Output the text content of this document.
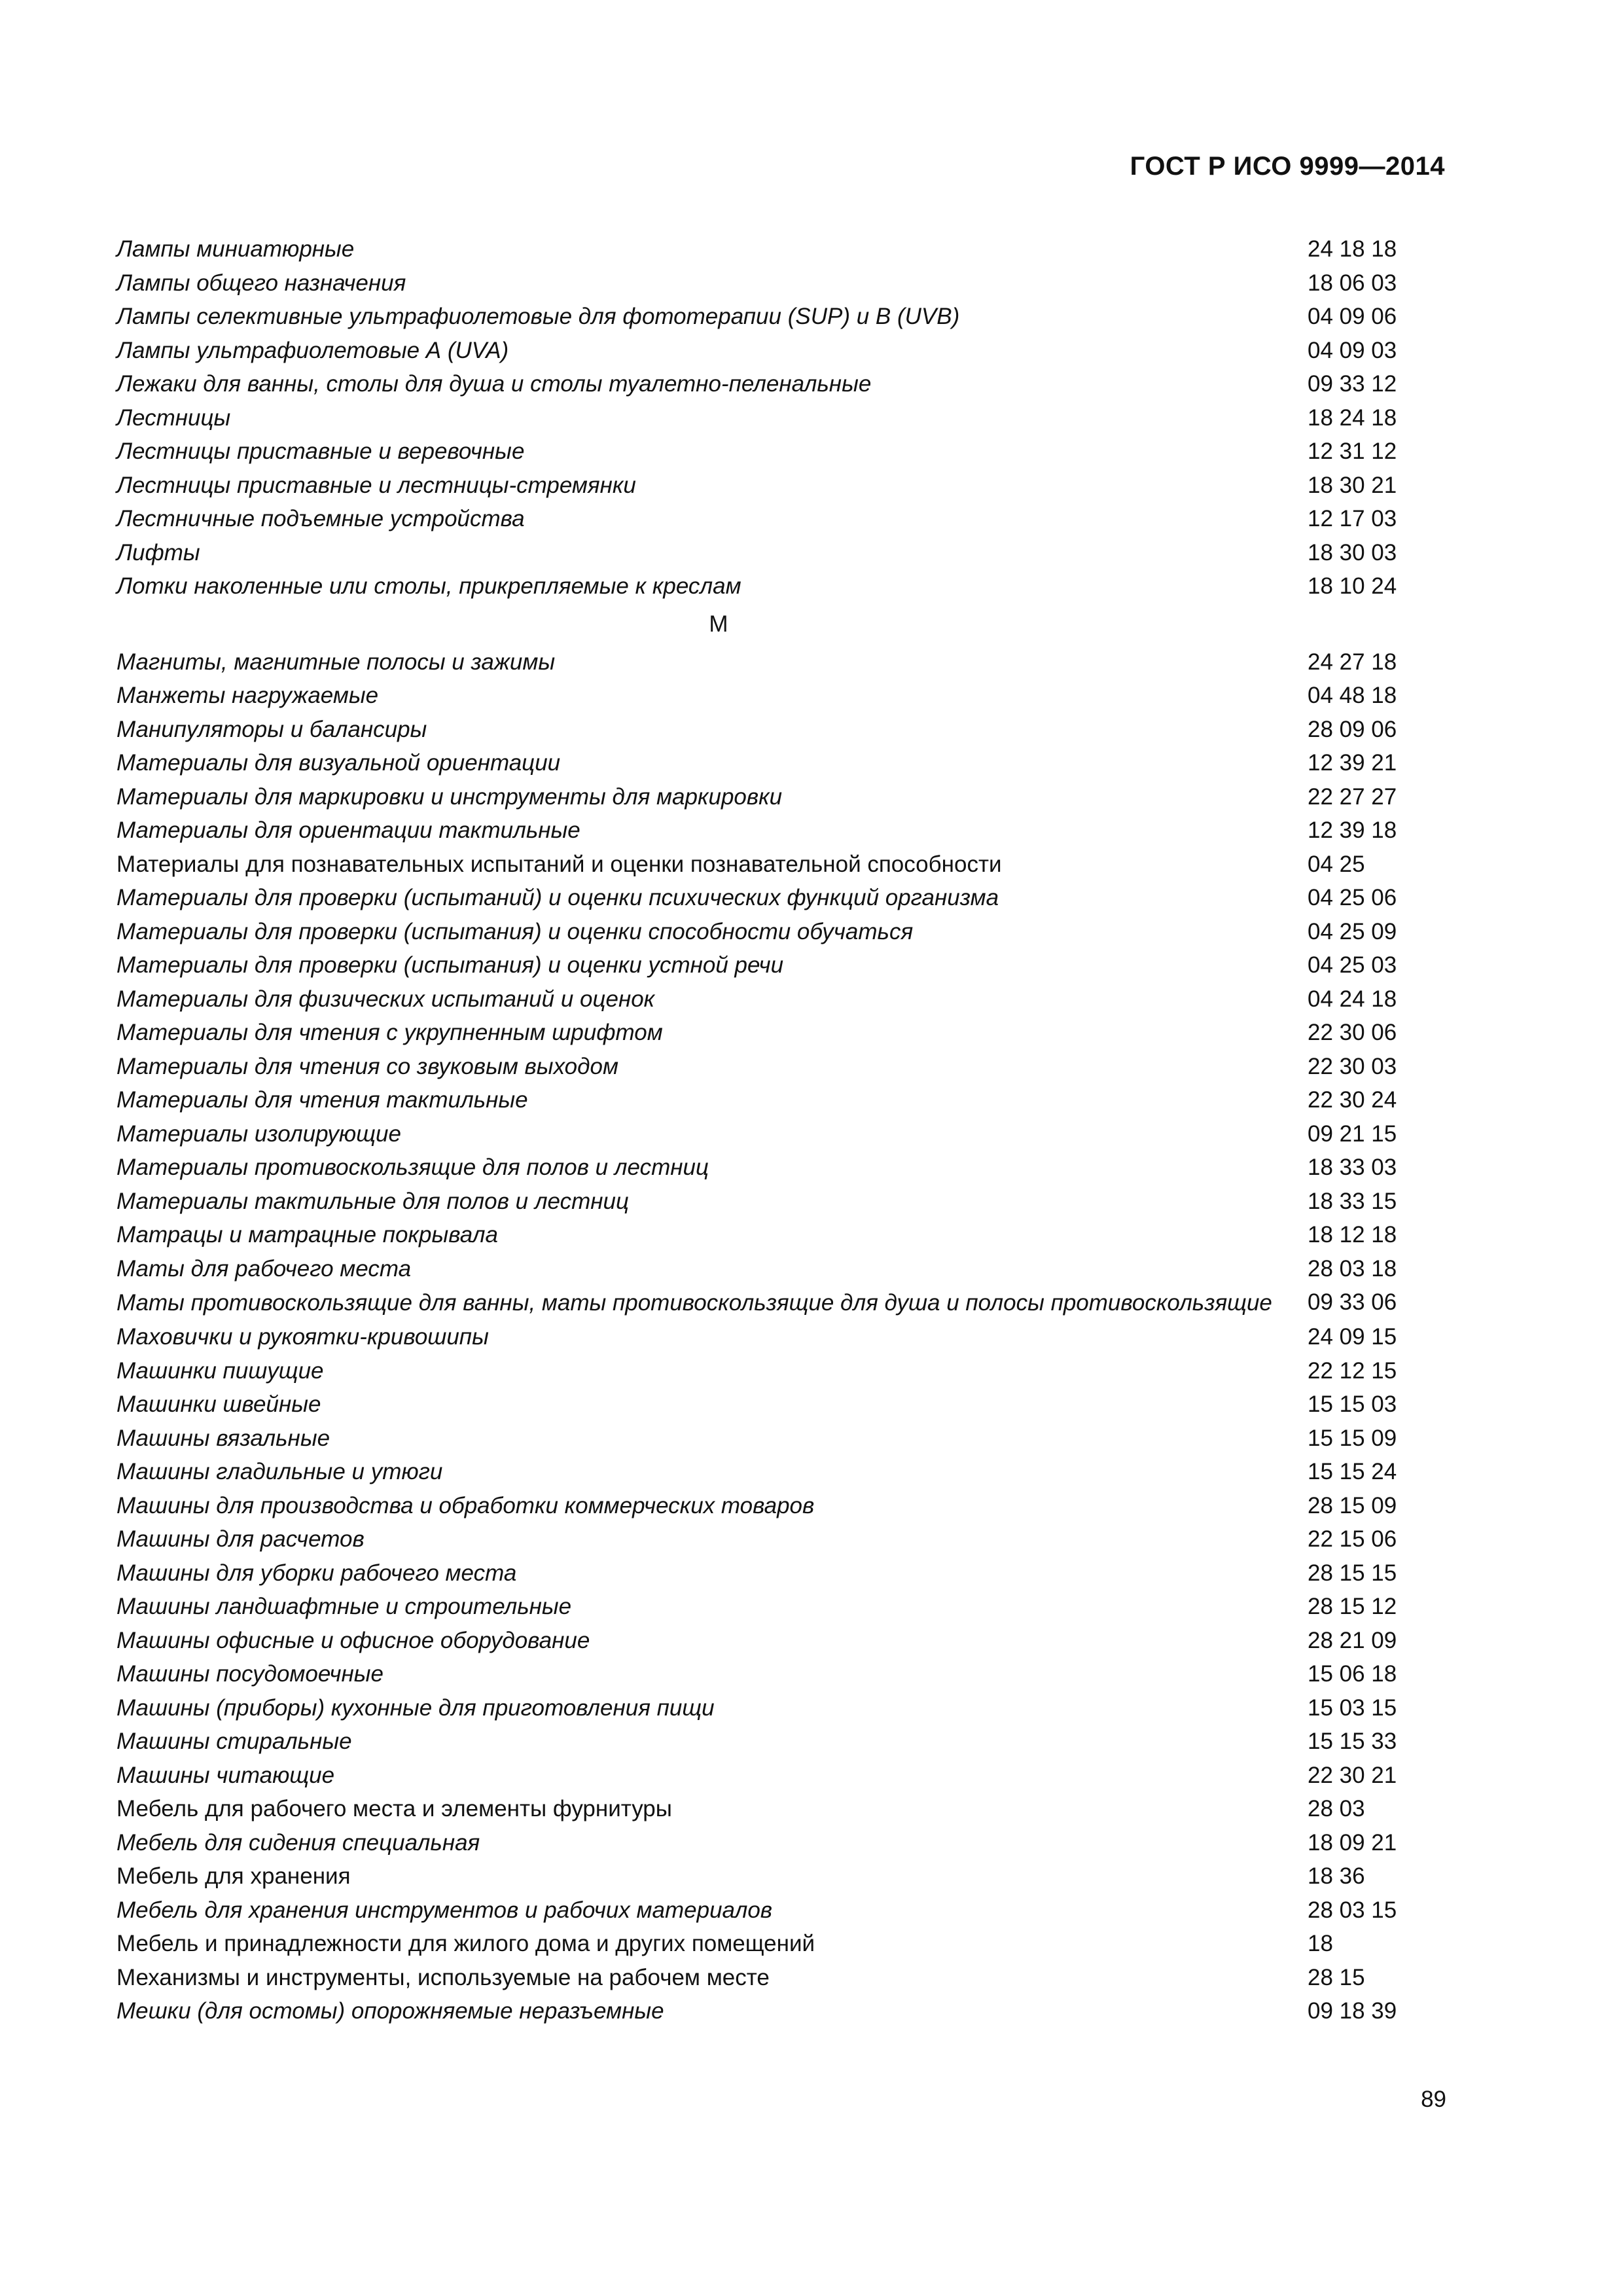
ГОСТ Р ИСО 9999—2014
Лампы миниатюрные	24 18 18
Лампы общего назначения	18 06 03
Лампы селективные ультрафиолетовые для фототерапии (SUP) и В (UVB)	04 09 06
Лампы ультрафиолетовые А (UVA)	04 09 03
Лежаки для ванны, столы для душа и столы туалетно-пеленальные	09 33 12
Лестницы	18 24 18
Лестницы приставные и веревочные	12 31 12
Лестницы приставные и лестницы-стремянки	18 30 21
Лестничные подъемные устройства	12 17 03
Лифты	18 30 03
Лотки наколенные или столы, прикрепляемые к креслам	18 10 24
М
Магниты, магнитные полосы и зажимы	24 27 18
Манжеты нагружаемые	04 48 18
Манипуляторы и балансиры	28 09 06
Материалы для визуальной ориентации	12 39 21
Материалы для маркировки и инструменты для маркировки	22 27 27
Материалы для ориентации тактильные	12 39 18
Материалы для познавательных испытаний и оценки познавательной способности	04 25
Материалы для проверки (испытаний) и оценки психических функций организма	04 25 06
Материалы для проверки (испытания) и оценки способности обучаться	04 25 09
Материалы для проверки (испытания) и оценки устной речи	04 25 03
Материалы для физических испытаний и оценок	04 24 18
Материалы для чтения с укрупненным шрифтом	22 30 06
Материалы для чтения со звуковым выходом	22 30 03
Материалы для чтения тактильные	22 30 24
Материалы изолирующие	09 21 15
Материалы противоскользящие для полов и лестниц	18 33 03
Материалы тактильные для полов и лестниц	18 33 15
Матрацы и матрацные покрывала	18 12 18
Маты для рабочего места	28 03 18
Маты противоскользящие для ванны, маты противоскользящие для душа и полосы противоскользящие	09 33 06
Маховички и рукоятки-кривошипы	24 09 15
Машинки пишущие	22 12 15
Машинки швейные	15 15 03
Машины вязальные	15 15 09
Машины гладильные и утюги	15 15 24
Машины для производства и обработки коммерческих товаров	28 15 09
Машины для расчетов	22 15 06
Машины для уборки рабочего места	28 15 15
Машины ландшафтные и строительные	28 15 12
Машины офисные и офисное оборудование	28 21 09
Машины посудомоечные	15 06 18
Машины (приборы) кухонные для приготовления пищи	15 03 15
Машины стиральные	15 15 33
Машины читающие	22 30 21
Мебель для рабочего места и элементы фурнитуры	28 03
Мебель для сидения специальная	18 09 21
Мебель для хранения	18 36
Мебель для хранения инструментов и рабочих материалов	28 03 15
Мебель и принадлежности для жилого дома и других помещений	18
Механизмы и инструменты, используемые на рабочем месте	28 15
Мешки (для остомы) опорожняемые неразъемные	09 18 39
89
